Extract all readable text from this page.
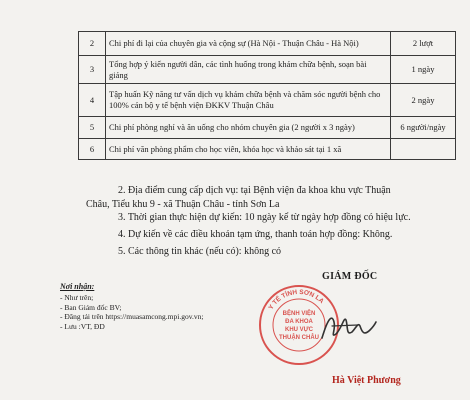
2	Chi phí đi lại của chuyên gia và cộng sự (Hà Nội - Thuận Châu - Hà Nội)	2 lượt
3	Tổng hợp ý kiến người dân, các tình huống trong khám chữa bệnh, soạn bài giảng	1 ngày
4	Tập huấn Kỹ năng tư vấn dịch vụ khám chữa bệnh và chăm sóc người bệnh cho 100% cán bộ y tế bệnh viện ĐKKV Thuận Châu	2 ngày
5	Chi phí phòng nghỉ và ăn uống cho nhóm chuyên gia (2 người x 3 ngày)	6 người/ngày
6	Chi phí văn phòng phẩm cho học viên, khóa học và khảo sát tại 1 xã	
2. Địa điểm cung cấp dịch vụ: tại Bệnh viện đa khoa khu vực Thuận
Châu, Tiểu khu 9 - xã Thuận Châu - tỉnh Sơn La
3. Thời gian thực hiện dự kiến: 10 ngày kể từ ngày hợp đồng có hiệu lực.
4. Dự kiến về các điều khoản tạm ứng, thanh toán hợp đồng: Không.
5. Các thông tin khác (nếu có): không có
Nơi nhận:
- Như trên;
- Ban Giám đốc BV;
- Đăng tải trên https://muasamcong.mpi.gov.vn;
- Lưu :VT, ĐD
GIÁM ĐỐC
Y TẾ TỈNH SƠN LA
BỆNH VIỆN
ĐA KHOA
KHU VỰC
THUẬN CHÂU
Hà Việt Phương
